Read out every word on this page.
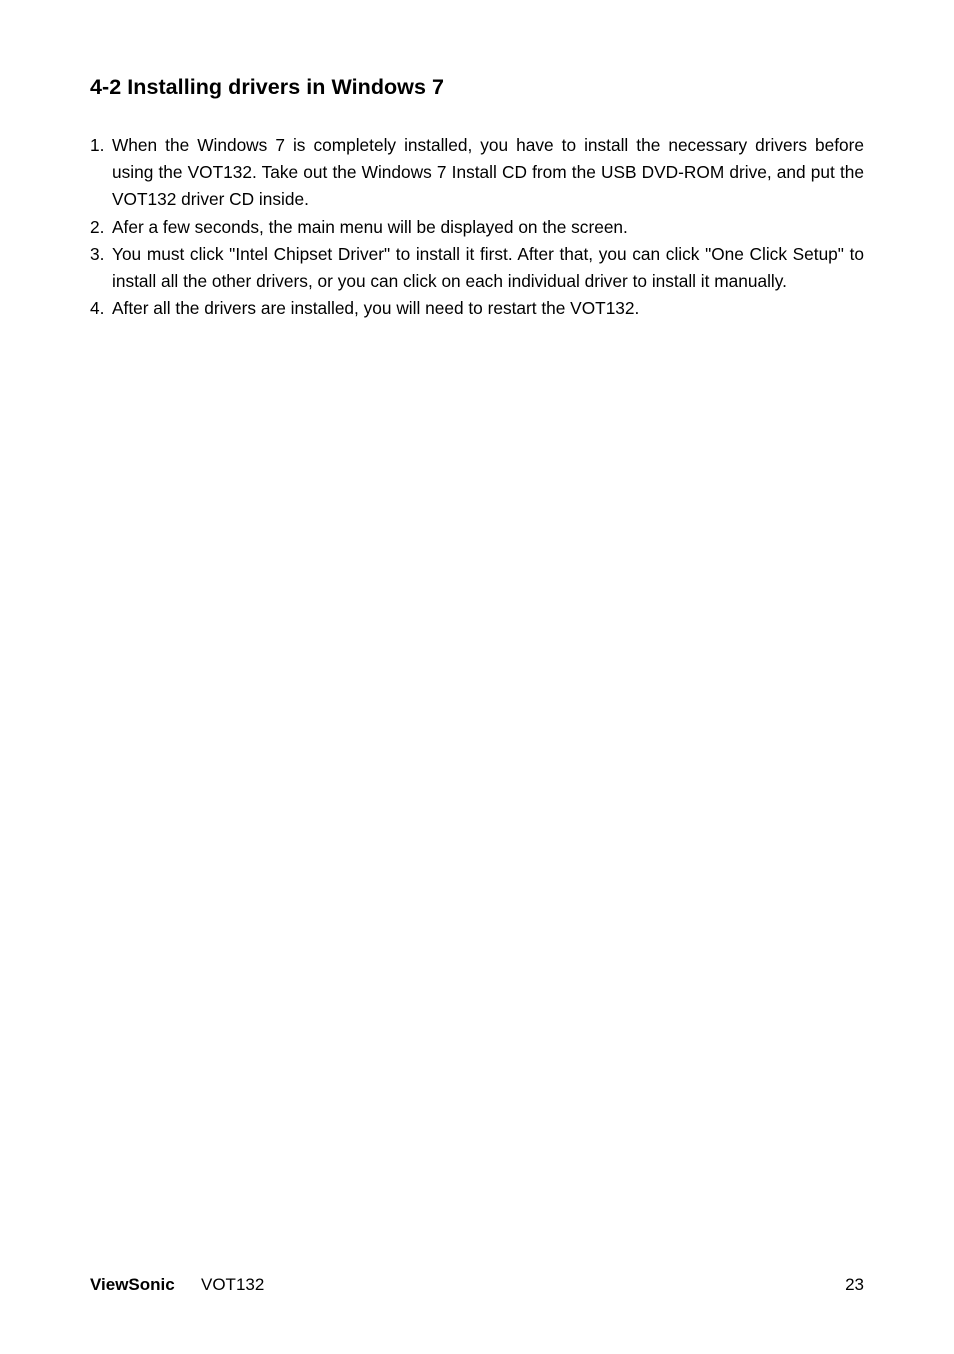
4-2 Installing drivers in Windows 7
1. When the Windows 7 is completely installed, you have to install the necessary drivers before using the VOT132. Take out the Windows 7 Install CD from the USB DVD-ROM drive, and put the VOT132 driver CD inside.
2. Afer a few seconds, the main menu will be displayed on the screen.
3. You must click "Intel Chipset Driver" to install it first. After that, you can click "One Click Setup" to install all the other drivers, or you can click on each individual driver to install it manually.
4. After all the drivers are installed, you will need to restart the VOT132.
ViewSonic VOT132	23
